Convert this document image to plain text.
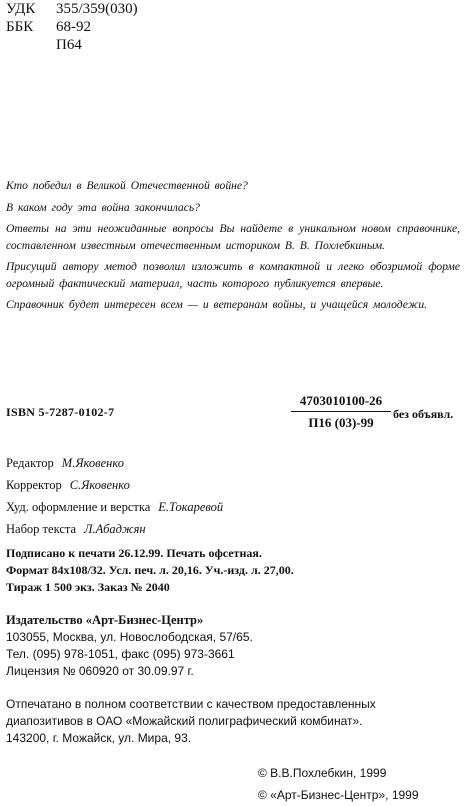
УДК 355/359(030)
ББК 68-92
П64

Кто победил в Великой Отечественной войне?

В каком году эта война закончилась?

Ответы на эти неожиданные вопросы Вы найдете в уникальном новом справочнике, составленном известным отечественным историком В. В. Похлебкиным.

Присущий автору метод позволил изложить в компактной и легко обозримой форме огромный фактический материал, часть которого публикуется впервые.

Справочник будет интересен всем — и ветеранам войны, и учащейся молодежи.

ISBN 5-7287-0102-7
4703010100-26
П16 (03)-99
без объявл.
Редактор М.Яковенко
Корректор С.Яковенко
Худ. оформление и верстка Е.Токаревой
Набор текста Л.Абаджян
Подписано к печати 26.12.99. Печать офсетная.
Формат 84х108/32. Усл. печ. л. 20,16. Уч.-изд. л. 27,00.
Тираж 1 500 экз. Заказ № 2040
Издательство «Арт-Бизнес-Центр»
103055, Москва, ул. Новослободская, 57/65.
Тел. (095) 978-1051, факс (095) 973-3661
Лицензия № 060920 от 30.09.97 г.
Отпечатано в полном соответствии с качеством предоставленных
диапозитивов в ОАО «Можайский полиграфический комбинат».
143200, г. Можайск, ул. Мира, 93.
© В.В.Похлебкин, 1999
© «Арт-Бизнес-Центр», 1999
